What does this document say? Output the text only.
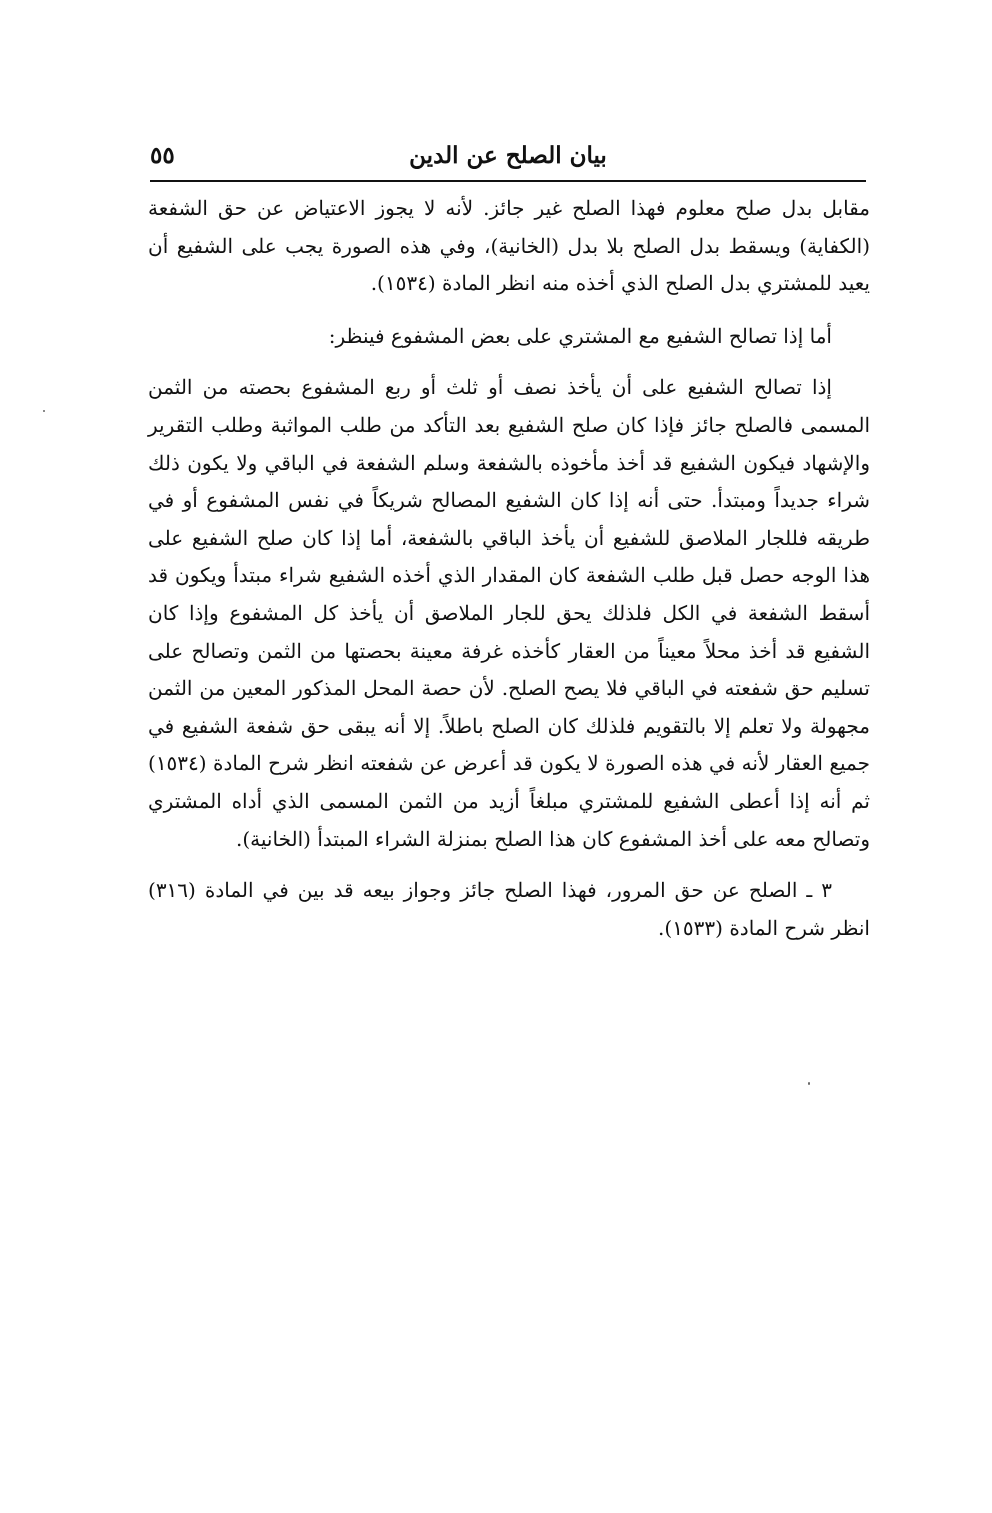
٥٥	بيان الصلح عن الدين

مقابل بدل صلح معلوم فهذا الصلح غير جائز. لأنه لا يجوز الاعتياض عن حق الشفعة (الكفاية) ويسقط بدل الصلح بلا بدل (الخانية)، وفي هذه الصورة يجب على الشفيع أن يعيد للمشتري بدل الصلح الذي أخذه منه انظر المادة (١٥٣٤).

أما إذا تصالح الشفيع مع المشتري على بعض المشفوع فينظر:

إذا تصالح الشفيع على أن يأخذ نصف أو ثلث أو ربع المشفوع بحصته من الثمن المسمى فالصلح جائز فإذا كان صلح الشفيع بعد التأكد من طلب المواثبة وطلب التقرير والإشهاد فيكون الشفيع قد أخذ مأخوذه بالشفعة وسلم الشفعة في الباقي ولا يكون ذلك شراء جديداً ومبتدأ. حتى أنه إذا كان الشفيع المصالح شريكاً في نفس المشفوع أو في طريقه فللجار الملاصق للشفيع أن يأخذ الباقي بالشفعة، أما إذا كان صلح الشفيع على هذا الوجه حصل قبل طلب الشفعة كان المقدار الذي أخذه الشفيع شراء مبتدأ ويكون قد أسقط الشفعة في الكل فلذلك يحق للجار الملاصق أن يأخذ كل المشفوع وإذا كان الشفيع قد أخذ محلاً معيناً من العقار كأخذه غرفة معينة بحصتها من الثمن وتصالح على تسليم حق شفعته في الباقي فلا يصح الصلح. لأن حصة المحل المذكور المعين من الثمن مجهولة ولا تعلم إلا بالتقويم فلذلك كان الصلح باطلاً. إلا أنه يبقى حق شفعة الشفيع في جميع العقار لأنه في هذه الصورة لا يكون قد أعرض عن شفعته انظر شرح المادة (١٥٣٤) ثم أنه إذا أعطى الشفيع للمشتري مبلغاً أزيد من الثمن المسمى الذي أداه المشتري وتصالح معه على أخذ المشفوع كان هذا الصلح بمنزلة الشراء المبتدأ (الخانية).

٣ ـ الصلح عن حق المرور، فهذا الصلح جائز وجواز بيعه قد بين في المادة (٣١٦) انظر شرح المادة (١٥٣٣).
